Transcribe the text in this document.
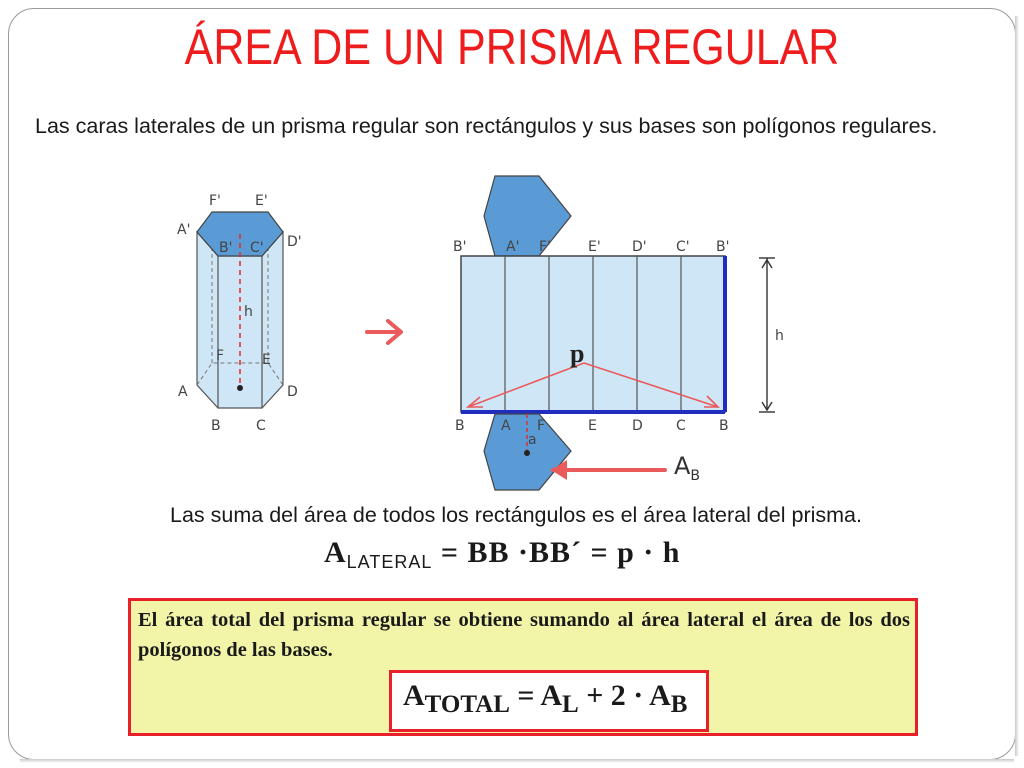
ÁREA DE UN PRISMA REGULAR
Las caras laterales de un prisma regular son rectángulos y sus bases son polígonos regulares.
F' E'
A'
B' C' D'
h
F	E
A	D
B	C
B'	A' F'	E' D' C' B'
B	A F	E	D C B
p
h
a
$A_B$
Las suma del área de todos los rectángulos es el área lateral del prisma.
$A_{LATERAL}$ = BB ·BB´ = p · h
El área total del prisma regular se obtiene sumando al área lateral el área de los dos polígonos de las bases.
$A_{TOTAL} = A_L + 2 \cdot A_B$
